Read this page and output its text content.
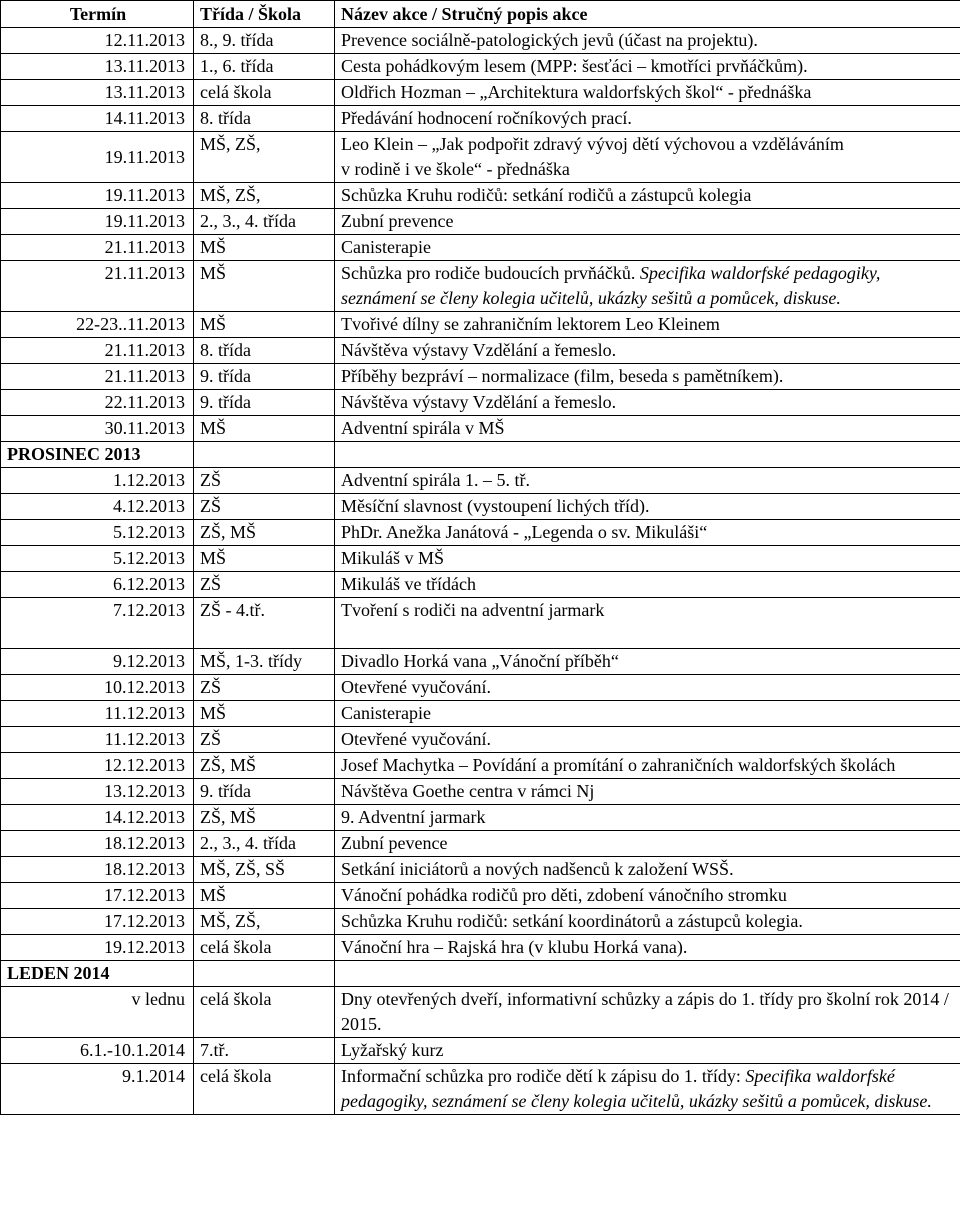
Termín	Třída / Škola	Název akce / Stručný popis akce
12.11.2013	8., 9. třída	Prevence sociálně-patologických jevů (účast na projektu).
13.11.2013	1., 6. třída	Cesta pohádkovým lesem (MPP: šesťáci – kmotříci prvňáčkům).
13.11.2013	celá škola	Oldřich Hozman – „Architektura waldorfských škol“ - přednáška
14.11.2013	8. třída	Předávání hodnocení ročníkových prací.
19.11.2013	MŠ, ZŠ,	Leo Klein – „Jak podpořit zdravý vývoj dětí výchovou a vzděláváním
v rodině i ve škole“ - přednáška

19.11.2013	MŠ, ZŠ,	Schůzka Kruhu rodičů: setkání rodičů a zástupců kolegia
19.11.2013	2., 3., 4. třída	Zubní prevence
21.11.2013	MŠ	Canisterapie
21.11.2013	MŠ	Schůzka pro rodiče budoucích prvňáčků. Specifika waldorfské pedagogiky, seznámení se členy kolegia učitelů, ukázky sešitů a pomůcek, diskuse.
22-23..11.2013	MŠ	Tvořivé dílny se zahraničním lektorem Leo Kleinem
21.11.2013	8. třída	Návštěva výstavy Vzdělání a řemeslo.
21.11.2013	9. třída	Příběhy bezpráví – normalizace (film, beseda s pamětníkem).
22.11.2013	9. třída	Návštěva výstavy Vzdělání a řemeslo.
30.11.2013	MŠ	Adventní spirála v MŠ
PROSINEC 2013		
1.12.2013	ZŠ	Adventní spirála 1. – 5. tř.
4.12.2013	ZŠ	Měsíční slavnost (vystoupení lichých tříd).
5.12.2013	ZŠ, MŠ	PhDr. Anežka Janátová - „Legenda o sv. Mikuláši“
5.12.2013	MŠ	Mikuláš v MŠ
6.12.2013	ZŠ	Mikuláš ve třídách
7.12.2013	ZŠ - 4.tř.	Tvoření s rodiči na adventní jarmark
9.12.2013	MŠ, 1-3. třídy	Divadlo Horká vana „Vánoční příběh“
10.12.2013	ZŠ	Otevřené vyučování.
11.12.2013	MŠ	Canisterapie
11.12.2013	ZŠ	Otevřené vyučování.
12.12.2013	ZŠ, MŠ	Josef Machytka – Povídání a promítání o zahraničních waldorfských školách
13.12.2013	9. třída	Návštěva Goethe centra v rámci Nj
14.12.2013	ZŠ, MŠ	9. Adventní jarmark
18.12.2013	2., 3., 4. třída	Zubní pevence
18.12.2013	MŠ, ZŠ, SŠ	Setkání iniciátorů a nových nadšenců k založení WSŠ.
17.12.2013	MŠ	Vánoční pohádka rodičů pro děti, zdobení vánočního stromku
17.12.2013	MŠ, ZŠ,	Schůzka Kruhu rodičů: setkání koordinátorů a zástupců kolegia.
19.12.2013	celá škola	Vánoční hra – Rajská hra (v klubu Horká vana).
LEDEN 2014		
v lednu	celá škola	Dny otevřených dveří, informativní schůzky a zápis do 1. třídy pro školní rok 2014 / 2015.
6.1.-10.1.2014	7.tř.	Lyžařský kurz
9.1.2014	celá škola	Informační schůzka pro rodiče dětí k zápisu do 1. třídy: Specifika waldorfské pedagogiky, seznámení se členy kolegia učitelů, ukázky sešitů a pomůcek, diskuse.
